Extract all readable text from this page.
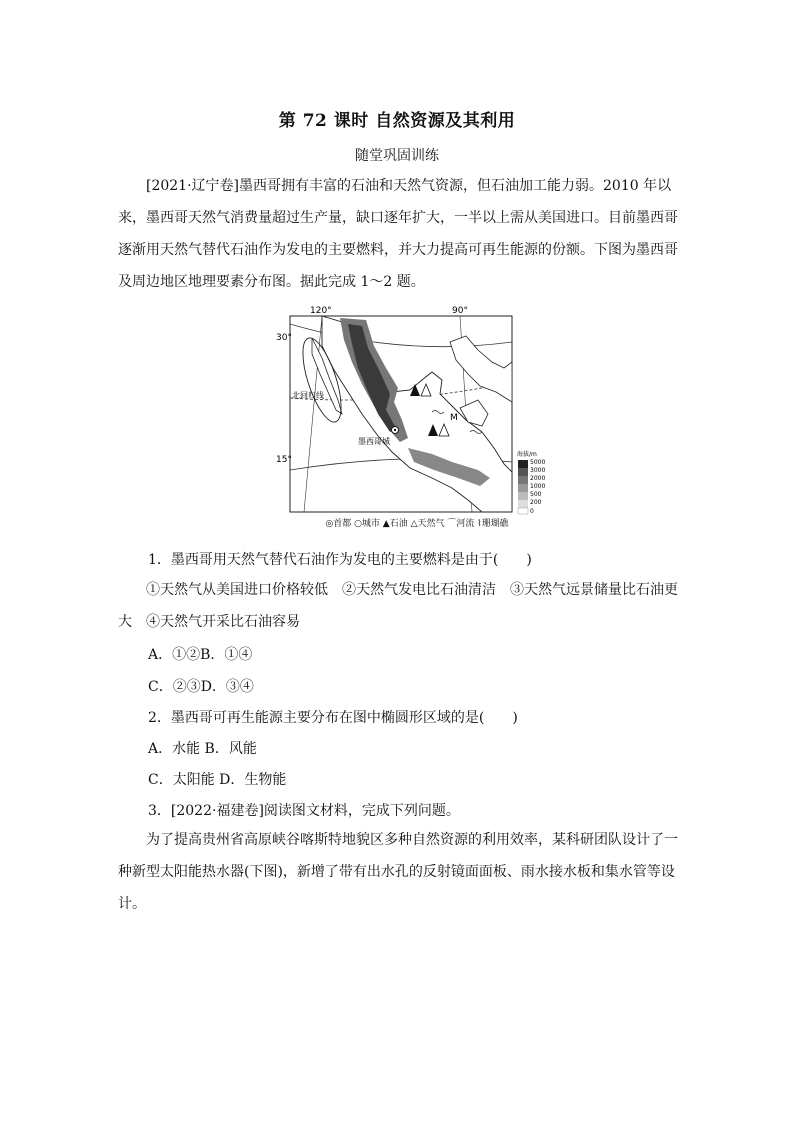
第 72 课时 自然资源及其利用
随堂巩固训练

[2021·辽宁卷]墨西哥拥有丰富的石油和天然气资源，但石油加工能力弱。2010 年以来，墨西哥天然气消费量超过生产量，缺口逐年扩大，一半以上需从美国进口。目前墨西哥逐渐用天然气替代石油作为发电的主要燃料，并大力提高可再生能源的份额。下图为墨西哥及周边地区地理要素分布图。据此完成 1～2 题。

120°	90°
30°
15°
北回归线
墨西哥城
M
海拔/m
5000
3000
2000
1000
500
200
0
◎首都 ○城市 ▲石油 △天然气 ⌒河流 ⌇珊瑚礁
1．墨西哥用天然气替代石油作为发电的主要燃料是由于(　　)

①天然气从美国进口价格较低　②天然气发电比石油清洁　③天然气远景储量比石油更大　④天然气开采比石油容易

A．①②B．①④
C．②③D．③④
2．墨西哥可再生能源主要分布在图中椭圆形区域的是(　　)
A．水能 B．风能
C．太阳能 D．生物能
3．[2022·福建卷]阅读图文材料，完成下列问题。

为了提高贵州省高原峡谷喀斯特地貌区多种自然资源的利用效率，某科研团队设计了一种新型太阳能热水器(下图)，新增了带有出水孔的反射镜面面板、雨水接水板和集水管等设计。
